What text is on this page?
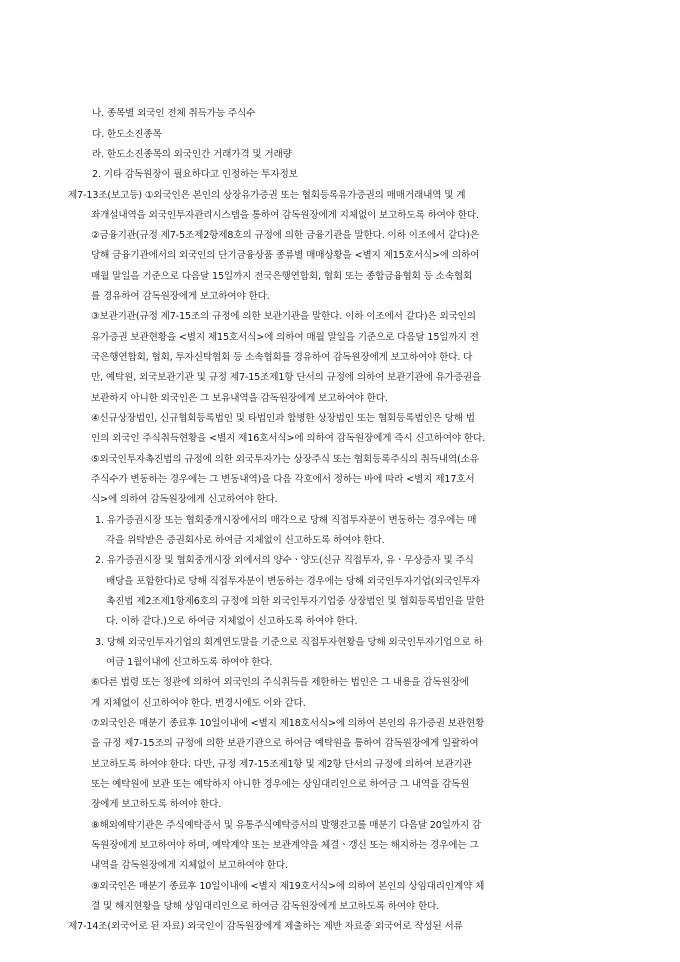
나. 종목별 외국인 전체 취득가능 주식수
다. 한도소진종목
라. 한도소진종목의 외국인간 거래가격 및 거래량
2. 기타 감독원장이 필요하다고 인정하는 투자정보
제7-13조(보고등) ①외국인은 본인의 상장유가증권 또는 협회등록유가증권의 매매거래내역 및 계
좌개설내역을 외국인투자관리시스템을 통하여 감독원장에게 지체없이 보고하도록 하여야 한다.
②금융기관(규정 제7-5조제2항제8호의 규정에 의한 금융기관을 말한다. 이하 이조에서 같다)은
당해 금융기관에서의 외국인의 단기금융상품 종류별 매매상황을 <별지 제15호서식>에 의하여
매월 말일을 기준으로 다음달 15일까지 전국은행연합회, 협회 또는 종합금융협회 등 소속협회
를 경유하여 감독원장에게 보고하여야 한다.
③보관기관(규정 제7-15조의 규정에 의한 보관기관을 말한다. 이하 이조에서 같다)은 외국인의
유가증권 보관현황을 <별지 제15호서식>에 의하여 매월 말일을 기준으로 다음달 15일까지 전
국은행연합회, 협회, 투자신탁협회 등 소속협회를 경유하여 감독원장에게 보고하여야 한다. 다
만, 예탁원, 외국보관기관 및 규정 제7-15조제1항 단서의 규정에 의하여 보관기관에 유가증권을
보관하지 아니한 외국인은 그 보유내역을 감독원장에게 보고하여야 한다.
④신규상장법인, 신규협회등록법인 및 타법인과 합병한 상장법인 또는 협회등록법인은 당해 법
인의 외국인 주식취득현황을 <별지 제16호서식>에 의하여 감독원장에게 즉시 신고하여야 한다.
⑤외국인투자촉진법의 규정에 의한 외국투자가는 상장주식 또는 협회등록주식의 취득내역(소유
주식수가 변동하는 경우에는 그 변동내역)을 다음 각호에서 정하는 바에 따라 <별지 제17호서
식>에 의하여 감독원장에게 신고하여야 한다.
1. 유가증권시장 또는 협회중개시장에서의 매각으로 당해 직접투자분이 변동하는 경우에는 매
각을 위탁받은 증권회사로 하여금 지체없이 신고하도록 하여야 한다.
2. 유가증권시장 및 협회중개시장 외에서의 양수ㆍ양도(신규 직접투자, 유ㆍ무상증자 및 주식
배당을 포함한다)로 당해 직접투자분이 변동하는 경우에는 당해 외국인투자기업(외국인투자
촉진법 제2조제1항제6호의 규정에 의한 외국인투자기업중 상장법인 및 협회등록법인을 말한
다. 이하 같다.)으로 하여금 지체없이 신고하도록 하여야 한다.
3. 당해 외국인투자기업의 회계연도말을 기준으로 직접투자현황을 당해 외국인투자기업으로 하
여금 1월이내에 신고하도록 하여야 한다.
⑥다른 법령 또는 정관에 의하여 외국인의 주식취득을 제한하는 법인은 그 내용을 감독원장에
게 지체없이 신고하여야 한다. 변경시에도 이와 같다.
⑦외국인은 매분기 종료후 10일이내에 <별지 제18호서식>에 의하여 본인의 유가증권 보관현황
을 규정 제7-15조의 규정에 의한 보관기관으로 하여금 예탁원을 통하여 감독원장에게 일괄하여
보고하도록 하여야 한다. 다만, 규정 제7-15조제1항 및 제2항 단서의 규정에 의하여 보관기관
또는 예탁원에 보관 또는 예탁하지 아니한 경우에는 상임대리인으로 하여금 그 내역을 감독원
장에게 보고하도록 하여야 한다.
⑧해외예탁기관은 주식예탁증서 및 유통주식예탁증서의 발행잔고를 매분기 다음달 20일까지 감
독원장에게 보고하여야 하며, 예탁계약 또는 보관계약을 체결ㆍ갱신 또는 해지하는 경우에는 그
내역을 감독원장에게 지체없이 보고하여야 한다.
⑨외국인은 매분기 종료후 10일이내에 <별지 제19호서식>에 의하여 본인의 상임대리인계약 체
결 및 해지현황을 당해 상임대리인으로 하여금 감독원장에게 보고하도록 하여야 한다.
제7-14조(외국어로 된 자료) 외국인이 감독원장에게 제출하는 제반 자료중 외국어로 작성된 서류
